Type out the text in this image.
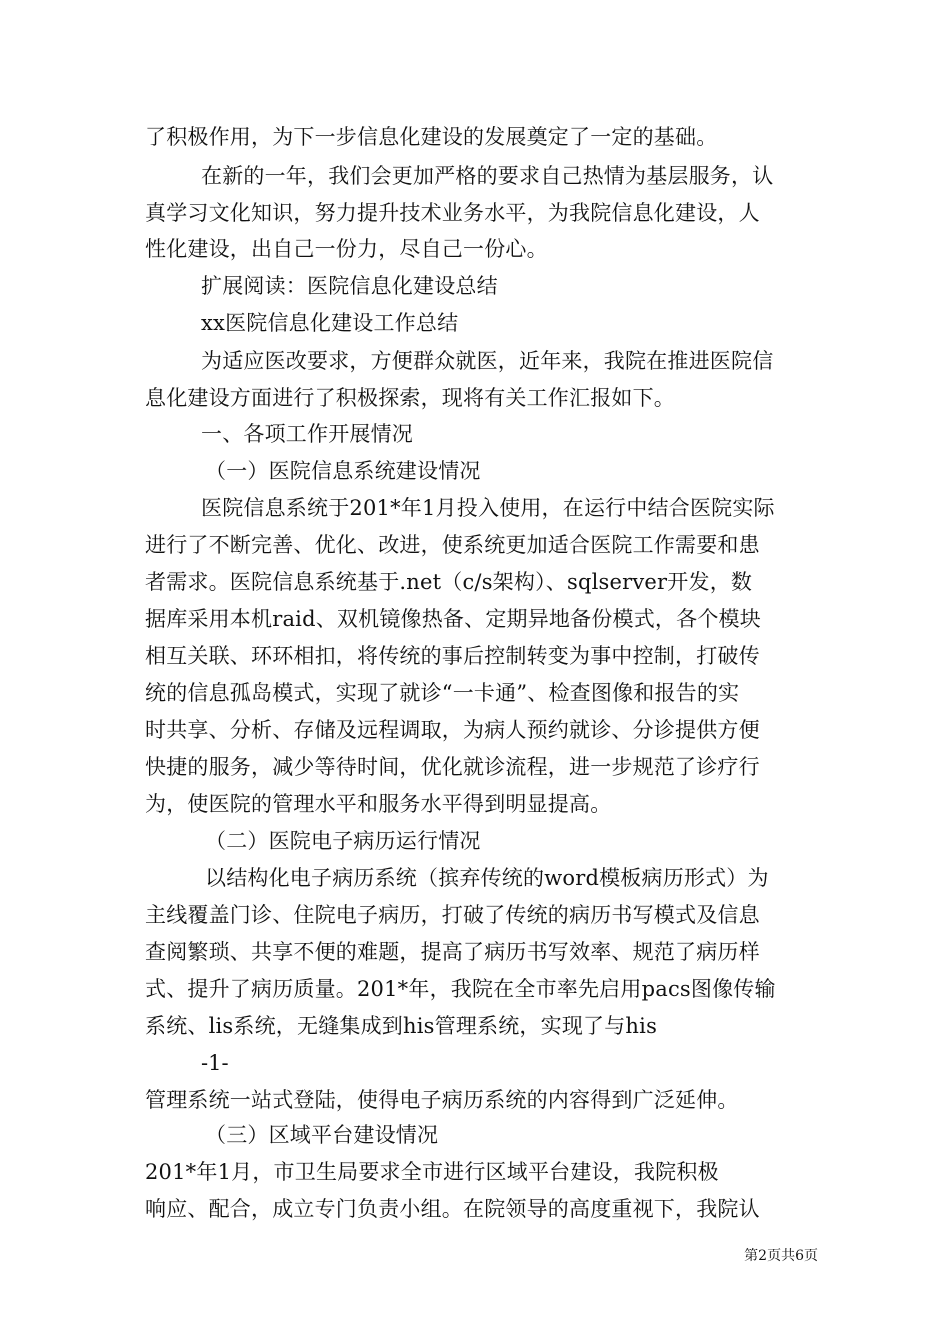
了积极作用，为下一步信息化建设的发展奠定了一定的基础。
在新的一年，我们会更加严格的要求自己热情为基层服务，认
真学习文化知识，努力提升技术业务水平，为我院信息化建设，人
性化建设，出自己一份力，尽自己一份心。
扩展阅读：医院信息化建设总结
xx医院信息化建设工作总结
为适应医改要求，方便群众就医，近年来，我院在推进医院信
息化建设方面进行了积极探索，现将有关工作汇报如下。
一、各项工作开展情况
（一）医院信息系统建设情况
医院信息系统于201*年1月投入使用，在运行中结合医院实际
进行了不断完善、优化、改进，使系统更加适合医院工作需要和患
者需求。医院信息系统基于.net（c/s架构）、sqlserver开发，数
据库采用本机raid、双机镜像热备、定期异地备份模式，各个模块
相互关联、环环相扣，将传统的事后控制转变为事中控制，打破传
统的信息孤岛模式，实现了就诊“一卡通”、检查图像和报告的实
时共享、分析、存储及远程调取，为病人预约就诊、分诊提供方便
快捷的服务，减少等待时间，优化就诊流程，进一步规范了诊疗行
为，使医院的管理水平和服务水平得到明显提高。
（二）医院电子病历运行情况
以结构化电子病历系统（摈弃传统的word模板病历形式）为
主线覆盖门诊、住院电子病历，打破了传统的病历书写模式及信息
查阅繁琐、共享不便的难题，提高了病历书写效率、规范了病历样
式、提升了病历质量。201*年，我院在全市率先启用pacs图像传输
系统、lis系统，无缝集成到his管理系统，实现了与his
-1-
管理系统一站式登陆，使得电子病历系统的内容得到广泛延伸。
（三）区域平台建设情况
201*年1月，市卫生局要求全市进行区域平台建设，我院积极
响应、配合，成立专门负责小组。在院领导的高度重视下，我院认
第2页共6页
